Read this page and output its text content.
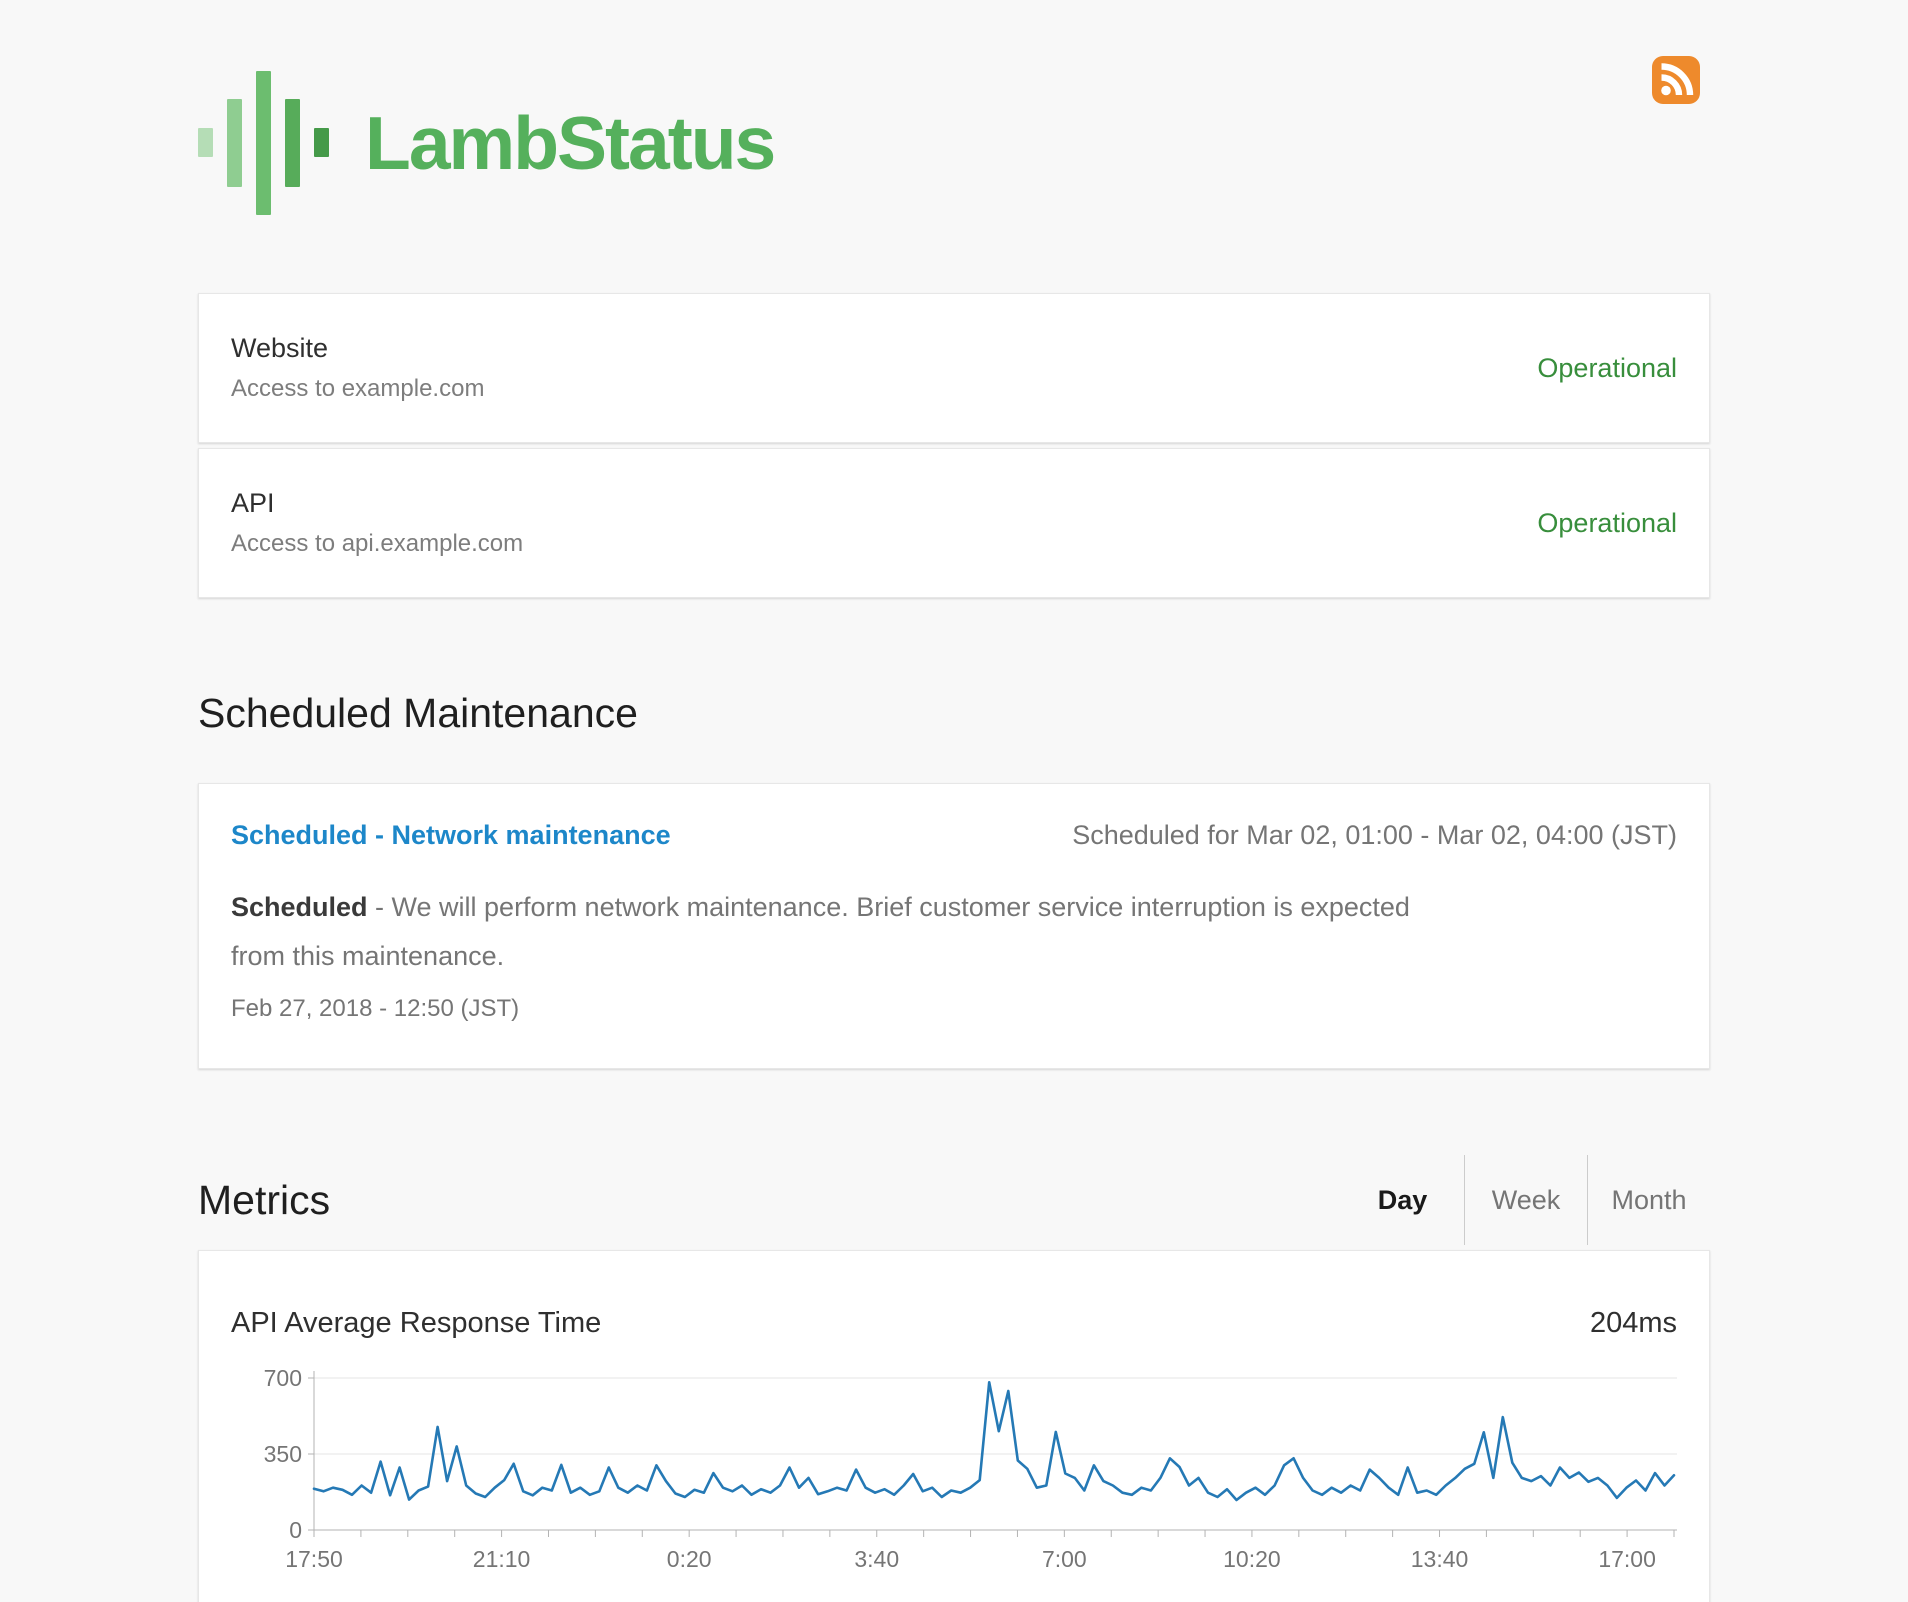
LambStatus
Website
Access to example.com
Operational
API
Access to api.example.com
Operational
Scheduled Maintenance
Scheduled - Network maintenance	Scheduled for Mar 02, 01:00 - Mar 02, 04:00 (JST)
Scheduled - We will perform network maintenance. Brief customer service interruption is expected from this maintenance.
Feb 27, 2018 - 12:50 (JST)
Metrics	Day	Week	Month
API Average Response Time	204ms
0
350
700
17:50	21:10	0:20	3:40	7:00	10:20	13:40	17:00
